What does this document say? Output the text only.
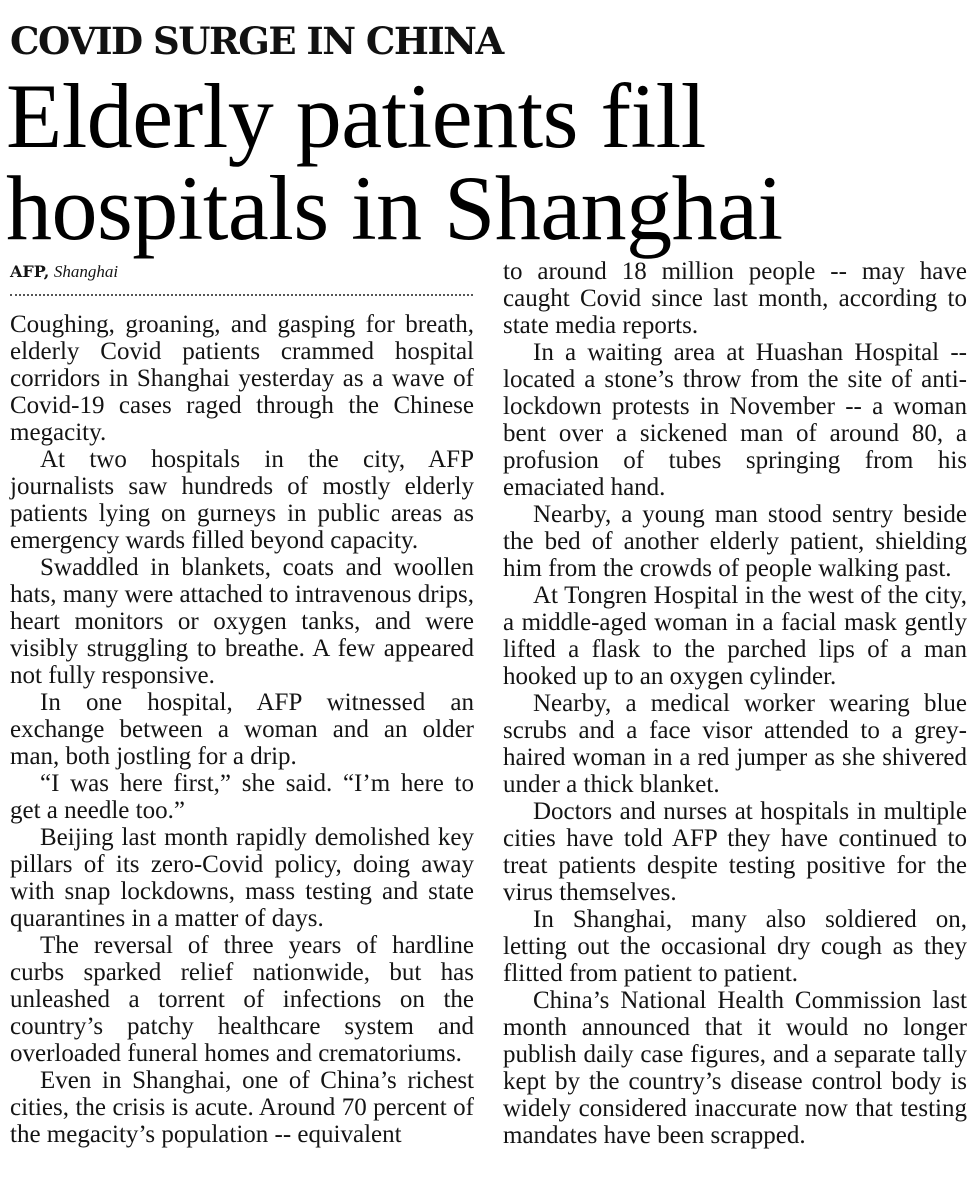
COVID SURGE IN CHINA
Elderly patients fill hospitals in Shanghai
AFP, Shanghai

Coughing, groaning, and gasping for breath, elderly Covid patients crammed hospital corridors in Shanghai yesterday as a wave of Covid-19 cases raged through the Chinese megacity.

At two hospitals in the city, AFP journalists saw hundreds of mostly elderly patients lying on gurneys in public areas as emergency wards filled beyond capacity.

Swaddled in blankets, coats and woollen hats, many were attached to intravenous drips, heart monitors or oxygen tanks, and were visibly struggling to breathe. A few appeared not fully responsive.

In one hospital, AFP witnessed an exchange between a woman and an older man, both jostling for a drip.

“I was here first,” she said. “I’m here to get a needle too.”

Beijing last month rapidly demolished key pillars of its zero-Covid policy, doing away with snap lockdowns, mass testing and state quarantines in a matter of days.

The reversal of three years of hardline curbs sparked relief nationwide, but has unleashed a torrent of infections on the country’s patchy healthcare system and overloaded funeral homes and crematoriums.

Even in Shanghai, one of China’s richest cities, the crisis is acute. Around 70 percent of the megacity’s population -- equivalent

to around 18 million people -- may have caught Covid since last month, according to state media reports.

In a waiting area at Huashan Hospital -- located a stone’s throw from the site of anti-lockdown protests in November -- a woman bent over a sickened man of around 80, a profusion of tubes springing from his emaciated hand.

Nearby, a young man stood sentry beside the bed of another elderly patient, shielding him from the crowds of people walking past.

At Tongren Hospital in the west of the city, a middle-aged woman in a facial mask gently lifted a flask to the parched lips of a man hooked up to an oxygen cylinder.

Nearby, a medical worker wearing blue scrubs and a face visor attended to a grey-haired woman in a red jumper as she shivered under a thick blanket.

Doctors and nurses at hospitals in multiple cities have told AFP they have continued to treat patients despite testing positive for the virus themselves.

In Shanghai, many also soldiered on, letting out the occasional dry cough as they flitted from patient to patient.

China’s National Health Commission last month announced that it would no longer publish daily case figures, and a separate tally kept by the country’s disease control body is widely considered inaccurate now that testing mandates have been scrapped.
